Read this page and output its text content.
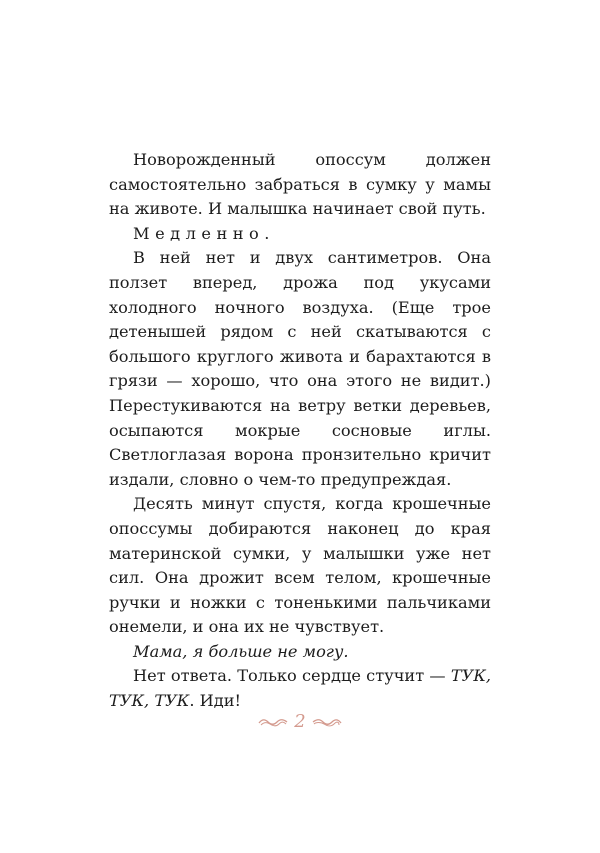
Новорожденный опоссум должен самостоятельно забраться в сумку у мамы на животе. И малышка начинает свой путь.

Медленно.

В ней нет и двух сантиметров. Она ползет вперед, дрожа под укусами холодного ночного воздуха. (Еще трое детенышей рядом с ней скатываются с большого круглого живота и барахтаются в грязи — хорошо, что она этого не видит.) Перестукиваются на ветру ветки деревьев, осыпаются мокрые сосновые иглы. Светлоглазая ворона пронзительно кричит издали, словно о чем-то предупреждая.

Десять минут спустя, когда крошечные опоссумы добираются наконец до края материнской сумки, у малышки уже нет сил. Она дрожит всем телом, крошечные ручки и ножки с тоненькими пальчиками онемели, и она их не чувствует.

Мама, я больше не могу.

Нет ответа. Только сердце стучит — ТУК, ТУК, ТУК. Иди!

2
